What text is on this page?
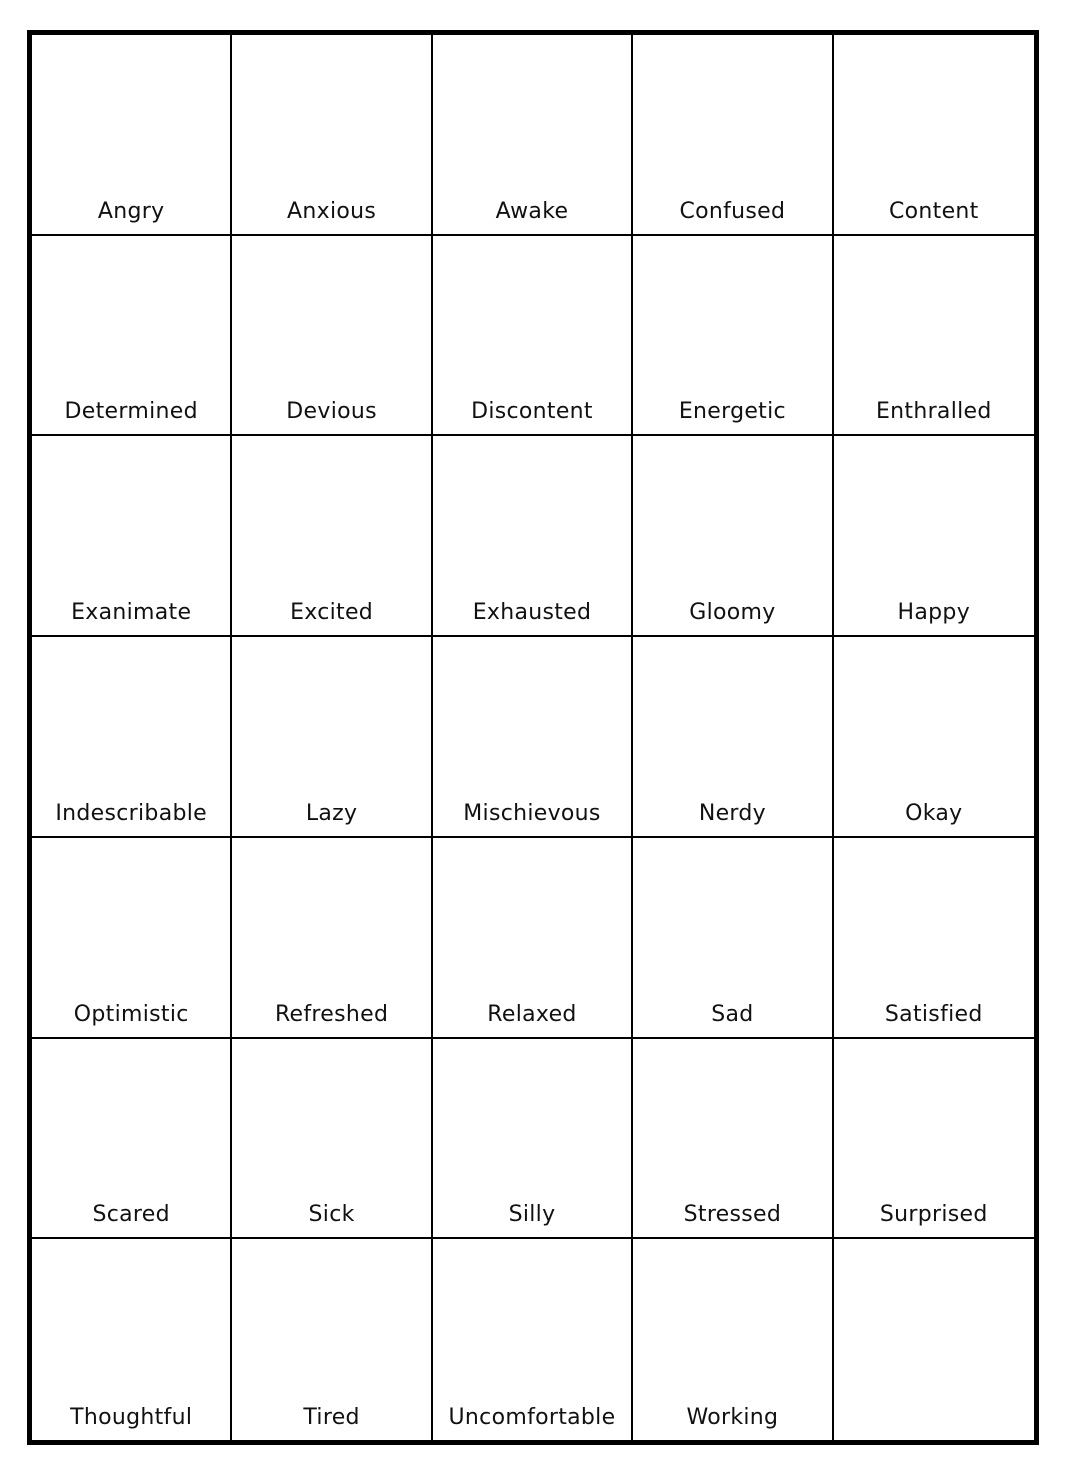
Angry	Anxious	Awake	Confused	Content
Determined	Devious	Discontent	Energetic	Enthralled
Exanimate	Excited	Exhausted	Gloomy	Happy
Indescribable	Lazy	Mischievous	Nerdy	Okay
Optimistic	Refreshed	Relaxed	Sad	Satisfied
Scared	Sick	Silly	Stressed	Surprised
Thoughtful	Tired	Uncomfortable	Working
